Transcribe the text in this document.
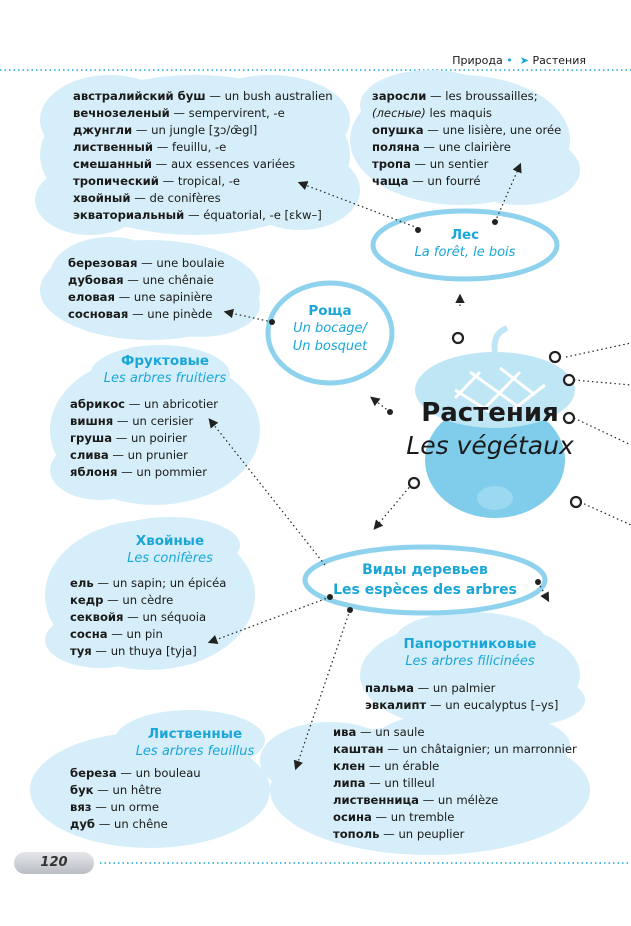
Природа •  ➤ Растения
австралийский буш — un bush australien
вечнозеленый — sempervirent, -e
джунгли — un jungle [ʒɔ/œ̃gl]
лиственный — feuillu, -e
смешанный — aux essences variées
тропический — tropical, -e
хвойный — de conifères
экваториальный — équatorial, -e [ɛkw–]
заросли — les broussailles;
(лесные) les maquis
опушка — une lisière, une orée
поляна — une clairière
тропа — un sentier
чаща — un fourré
Лес
La forêt, le bois
березовая — une boulaie
дубовая — une chênaie
еловая — une sapinière
сосновая — une pinède	Роща
Un bocage/
Un bosquet
Фруктовые
Les arbres fruitiers
абрикос — un abricotier
вишня — un cerisier
груша — un poirier
слива — un prunier
яблоня — un pommier
Растения
Les végétaux
Виды деревьев
Les espèces des arbres
Хвойные
Les conifères
ель — un sapin; un épicéa
кедр — un cèdre
секвойя — un séquoia
сосна — un pin
туя — un thuya [tyja]	Папоротниковые
Les arbres filicinées
пальма — un palmier
эвкалипт — un eucalyptus [–ys]
Лиственные
Les arbres feuillus
береза — un bouleau
бук — un hêtre
вяз — un orme
дуб — un chêne
ива — un saule
каштан — un châtaignier; un marronnier
клен — un érable
липа — un tilleul
лиственница — un mélèze
осина — un tremble
тополь — un peuplier
120
